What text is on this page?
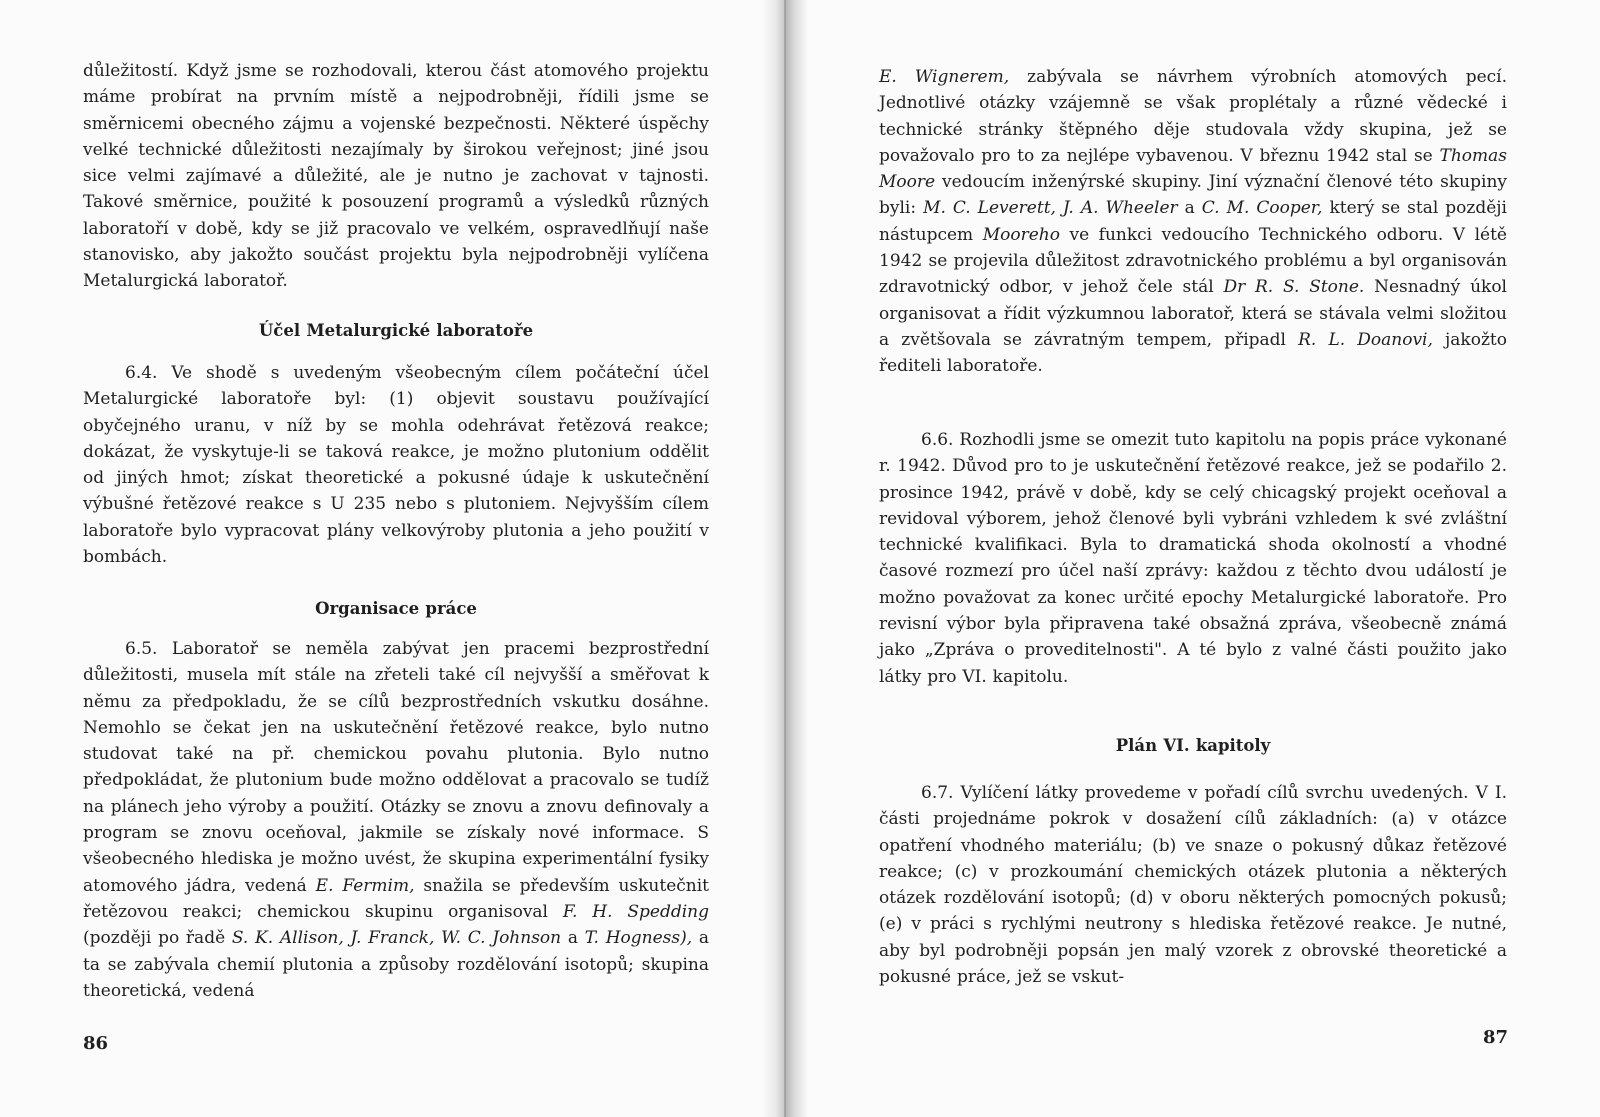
důležitostí. Když jsme se rozhodovali, kterou část atomového projektu máme probírat na prvním místě a nejpodrobněji, řídili jsme se směrnicemi obecného zájmu a vojenské bezpečnosti. Některé úspěchy velké technické důležitosti nezajímaly by širokou veřejnost; jiné jsou sice velmi zajímavé a důležité, ale je nutno je zachovat v tajnosti. Takové směrnice, použité k posouzení programů a výsledků různých laboratoří v době, kdy se již pracovalo ve velkém, ospravedlňují naše stanovisko, aby jakožto součást projektu byla nejpodrobněji vylíčena Metalurgická laboratoř.

Účel Metalurgické laboratoře

6.4. Ve shodě s uvedeným všeobecným cílem počáteční účel Metalurgické laboratoře byl: (1) objevit soustavu používající obyčejného uranu, v níž by se mohla odehrávat řetězová reakce; dokázat, že vyskytuje-li se taková reakce, je možno plutonium oddělit od jiných hmot; získat theoretické a pokusné údaje k uskutečnění výbušné řetězové reakce s U 235 nebo s plutoniem. Nejvyšším cílem laboratoře bylo vypracovat plány velkovýroby plutonia a jeho použití v bombách.

Organisace práce

6.5. Laboratoř se neměla zabývat jen pracemi bezprostřední důležitosti, musela mít stále na zřeteli také cíl nejvyšší a směřovat k němu za předpokladu, že se cílů bezprostředních vskutku dosáhne. Nemohlo se čekat jen na uskutečnění řetězové reakce, bylo nutno studovat také na př. chemickou povahu plutonia. Bylo nutno předpokládat, že plutonium bude možno oddělovat a pracovalo se tudíž na plánech jeho výroby a použití. Otázky se znovu a znovu definovaly a program se znovu oceňoval, jakmile se získaly nové informace. S všeobecného hlediska je možno uvést, že skupina experimentální fysiky atomového jádra, vedená E. Fermim, snažila se především uskutečnit řetězovou reakci; chemickou skupinu organisoval F. H. Spedding (později po řadě S. K. Allison, J. Franck, W. C. Johnson a T. Hogness), a ta se zabývala chemií plutonia a způsoby rozdělování isotopů; skupina theoretická, vedená

86

E. Wignerem, zabývala se návrhem výrobních atomových pecí. Jednotlivé otázky vzájemně se však proplétaly a různé vědecké i technické stránky štěpného děje studovala vždy skupina, jež se považovalo pro to za nejlépe vybavenou. V březnu 1942 stal se Thomas Moore vedoucím inženýrské skupiny. Jiní význační členové této skupiny byli: M. C. Leverett, J. A. Wheeler a C. M. Cooper, který se stal později nástupcem Mooreho ve funkci vedoucího Technického odboru. V létě 1942 se projevila důležitost zdravotnického problému a byl organisován zdravotnický odbor, v jehož čele stál Dr R. S. Stone. Nesnadný úkol organisovat a řídit výzkumnou laboratoř, která se stávala velmi složitou a zvětšovala se závratným tempem, připadl R. L. Doanovi, jakožto řediteli laboratoře.

6.6. Rozhodli jsme se omezit tuto kapitolu na popis práce vykonané r. 1942. Důvod pro to je uskutečnění řetězové reakce, jež se podařilo 2. prosince 1942, právě v době, kdy se celý chicagský projekt oceňoval a revidoval výborem, jehož členové byli vybráni vzhledem k své zvláštní technické kvalifikaci. Byla to dramatická shoda okolností a vhodné časové rozmezí pro účel naší zprávy: každou z těchto dvou událostí je možno považovat za konec určité epochy Metalurgické laboratoře. Pro revisní výbor byla připravena také obsažná zpráva, všeobecně známá jako „Zpráva o proveditelnosti". A té bylo z valné části použito jako látky pro VI. kapitolu.

Plán VI. kapitoly

6.7. Vylíčení látky provedeme v pořadí cílů svrchu uvedených. V I. části projednáme pokrok v dosažení cílů základních: (a) v otázce opatření vhodného materiálu; (b) ve snaze o pokusný důkaz řetězové reakce; (c) v prozkoumání chemických otázek plutonia a některých otázek rozdělování isotopů; (d) v oboru některých pomocných pokusů; (e) v práci s rychlými neutrony s hlediska řetězové reakce. Je nutné, aby byl podrobněji popsán jen malý vzorek z obrovské theoretické a pokusné práce, jež se vskut-

87
